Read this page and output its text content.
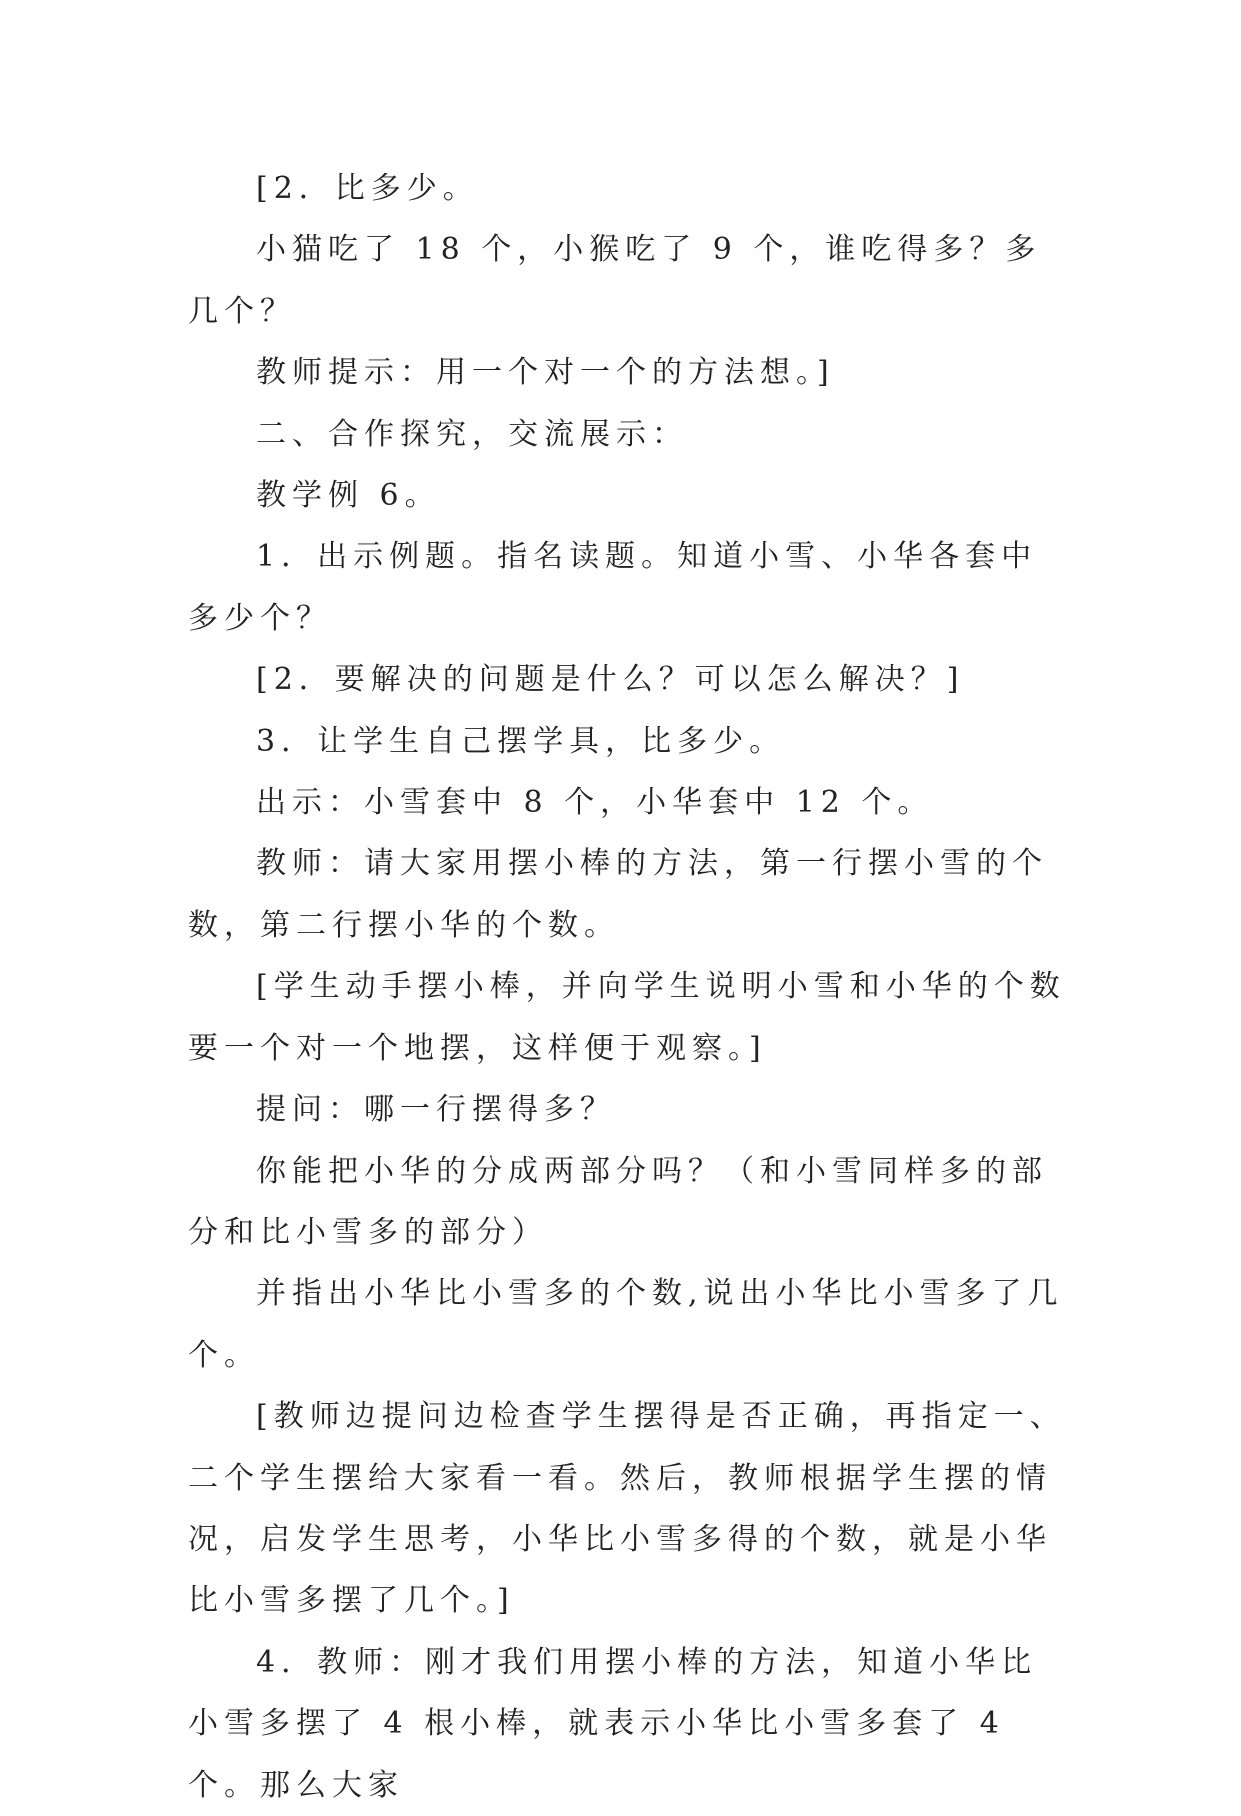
[2．比多少。

小猫吃了 18 个，小猴吃了 9 个，谁吃得多？多几个？

教师提示：用一个对一个的方法想。]

二、合作探究，交流展示：

教学例 6。

1．出示例题。指名读题。知道小雪、小华各套中多少个？

[2．要解决的问题是什么？可以怎么解决？]

3．让学生自己摆学具，比多少。

出示：小雪套中 8 个，小华套中 12 个。

教师：请大家用摆小棒的方法，第一行摆小雪的个数，第二行摆小华的个数。

[学生动手摆小棒，并向学生说明小雪和小华的个数要一个对一个地摆，这样便于观察。]

提问：哪一行摆得多？

你能把小华的分成两部分吗？（和小雪同样多的部分和比小雪多的部分）

并指出小华比小雪多的个数,说出小华比小雪多了几个。

[教师边提问边检查学生摆得是否正确，再指定一、二个学生摆给大家看一看。然后，教师根据学生摆的情况，启发学生思考，小华比小雪多得的个数，就是小华比小雪多摆了几个。]

4．教师：刚才我们用摆小棒的方法，知道小华比小雪多摆了 4 根小棒，就表示小华比小雪多套了 4 个。那么大家
